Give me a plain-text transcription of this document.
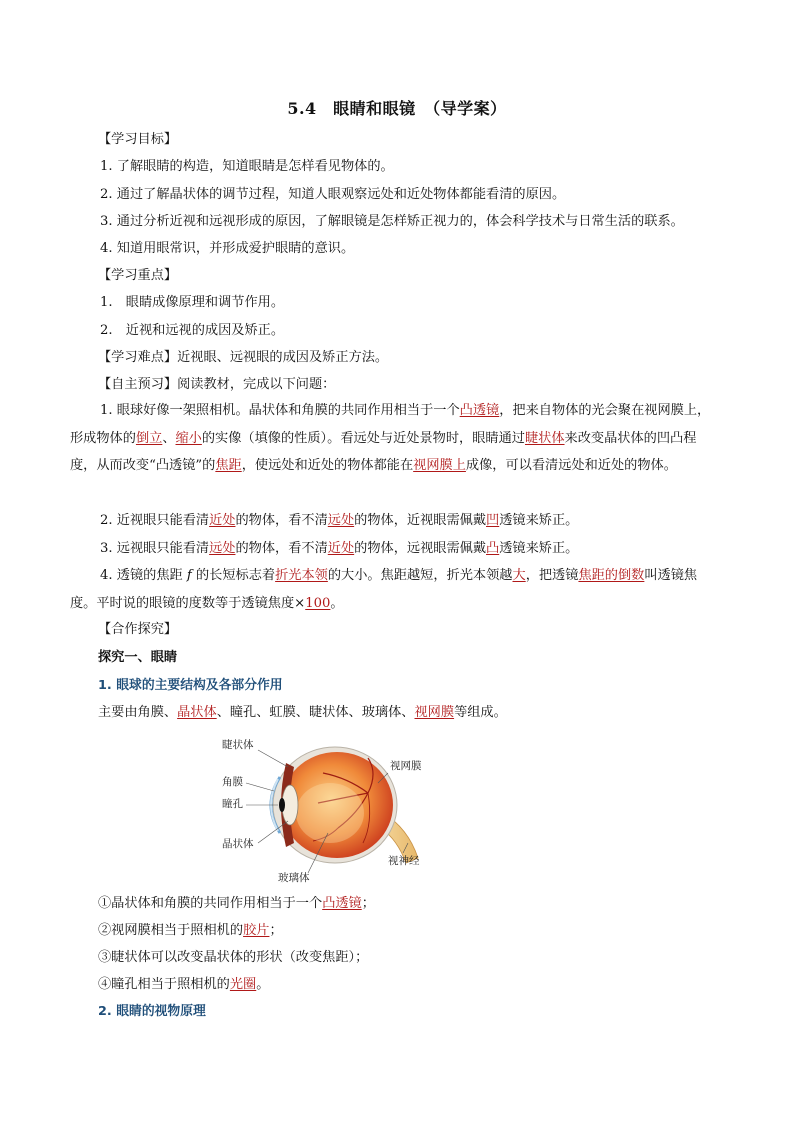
5.4　眼睛和眼镜　（导学案）
【学习目标】
1. 了解眼睛的构造，知道眼睛是怎样看见物体的。
2. 通过了解晶状体的调节过程，知道人眼观察远处和近处物体都能看清的原因。
3. 通过分析近视和远视形成的原因，了解眼镜是怎样矫正视力的，体会科学技术与日常生活的联系。
4. 知道用眼常识，并形成爱护眼睛的意识。
【学习重点】
1.　眼睛成像原理和调节作用。
2.　近视和远视的成因及矫正。
【学习难点】近视眼、远视眼的成因及矫正方法。
【自主预习】阅读教材，完成以下问题：
1. 眼球好像一架照相机。晶状体和角膜的共同作用相当于一个凸透镜，把来自物体的光会聚在视网膜上，形成物体的倒立、缩小的实像（填像的性质）。看远处与近处景物时，眼睛通过睫状体来改变晶状体的凹凸程度，从而改变“凸透镜”的焦距，使远处和近处的物体都能在视网膜上成像，可以看清远处和近处的物体。
2. 近视眼只能看清近处的物体，看不清远处的物体，近视眼需佩戴凹透镜来矫正。
3. 远视眼只能看清远处的物体，看不清近处的物体，远视眼需佩戴凸透镜来矫正。
4. 透镜的焦距 f 的长短标志着折光本领的大小。焦距越短，折光本领越大，把透镜焦距的倒数叫透镜焦度。平时说的眼镜的度数等于透镜焦度×100。
【合作探究】
探究一、眼睛
1. 眼球的主要结构及各部分作用
主要由角膜、晶状体、瞳孔、虹膜、睫状体、玻璃体、视网膜等组成。
睫状体
角膜
瞳孔
晶状体
玻璃体
视网膜
视神经
①晶状体和角膜的共同作用相当于一个凸透镜；
②视网膜相当于照相机的胶片；
③睫状体可以改变晶状体的形状（改变焦距）；
④瞳孔相当于照相机的光圈。
2. 眼睛的视物原理
